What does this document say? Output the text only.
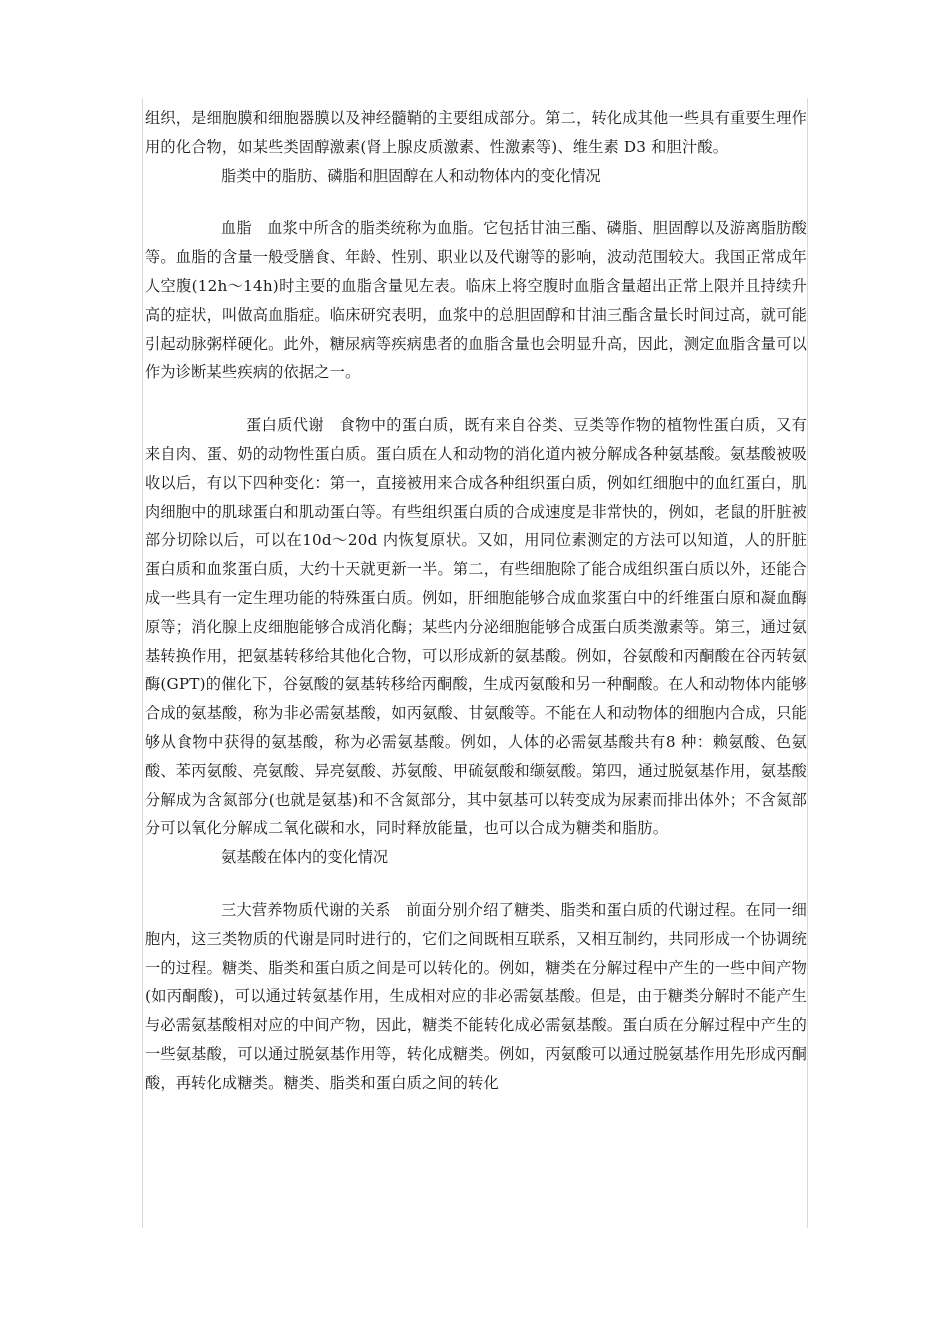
组织，是细胞膜和细胞器膜以及神经髓鞘的主要组成部分。第二，转化成其他一些具有重要生理作用的化合物，如某些类固醇激素(肾上腺皮质激素、性激素等)、维生素 D3 和胆汁酸。

脂类中的脂肪、磷脂和胆固醇在人和动物体内的变化情况

血脂　血浆中所含的脂类统称为血脂。它包括甘油三酯、磷脂、胆固醇以及游离脂肪酸等。血脂的含量一般受膳食、年龄、性别、职业以及代谢等的影响，波动范围较大。我国正常成年人空腹(12h～14h)时主要的血脂含量见左表。临床上将空腹时血脂含量超出正常上限并且持续升高的症状，叫做高血脂症。临床研究表明，血浆中的总胆固醇和甘油三酯含量长时间过高，就可能引起动脉粥样硬化。此外，糖尿病等疾病患者的血脂含量也会明显升高，因此，测定血脂含量可以作为诊断某些疾病的依据之一。

蛋白质代谢　食物中的蛋白质，既有来自谷类、豆类等作物的植物性蛋白质，又有来自肉、蛋、奶的动物性蛋白质。蛋白质在人和动物的消化道内被分解成各种氨基酸。氨基酸被吸收以后，有以下四种变化：第一，直接被用来合成各种组织蛋白质，例如红细胞中的血红蛋白，肌肉细胞中的肌球蛋白和肌动蛋白等。有些组织蛋白质的合成速度是非常快的，例如，老鼠的肝脏被部分切除以后，可以在10d～20d 内恢复原状。又如，用同位素测定的方法可以知道，人的肝脏蛋白质和血浆蛋白质，大约十天就更新一半。第二，有些细胞除了能合成组织蛋白质以外，还能合成一些具有一定生理功能的特殊蛋白质。例如，肝细胞能够合成血浆蛋白中的纤维蛋白原和凝血酶原等；消化腺上皮细胞能够合成消化酶；某些内分泌细胞能够合成蛋白质类激素等。第三，通过氨基转换作用，把氨基转移给其他化合物，可以形成新的氨基酸。例如，谷氨酸和丙酮酸在谷丙转氨酶(GPT)的催化下，谷氨酸的氨基转移给丙酮酸，生成丙氨酸和另一种酮酸。在人和动物体内能够合成的氨基酸，称为非必需氨基酸，如丙氨酸、甘氨酸等。不能在人和动物体的细胞内合成，只能够从食物中获得的氨基酸，称为必需氨基酸。例如，人体的必需氨基酸共有8 种：赖氨酸、色氨酸、苯丙氨酸、亮氨酸、异亮氨酸、苏氨酸、甲硫氨酸和缬氨酸。第四，通过脱氨基作用，氨基酸分解成为含氮部分(也就是氨基)和不含氮部分，其中氨基可以转变成为尿素而排出体外；不含氮部分可以氧化分解成二氧化碳和水，同时释放能量，也可以合成为糖类和脂肪。

氨基酸在体内的变化情况

三大营养物质代谢的关系　前面分别介绍了糖类、脂类和蛋白质的代谢过程。在同一细胞内，这三类物质的代谢是同时进行的，它们之间既相互联系，又相互制约，共同形成一个协调统一的过程。糖类、脂类和蛋白质之间是可以转化的。例如，糖类在分解过程中产生的一些中间产物(如丙酮酸)，可以通过转氨基作用，生成相对应的非必需氨基酸。但是，由于糖类分解时不能产生与必需氨基酸相对应的中间产物，因此，糖类不能转化成必需氨基酸。蛋白质在分解过程中产生的一些氨基酸，可以通过脱氨基作用等，转化成糖类。例如，丙氨酸可以通过脱氨基作用先形成丙酮酸，再转化成糖类。糖类、脂类和蛋白质之间的转化
